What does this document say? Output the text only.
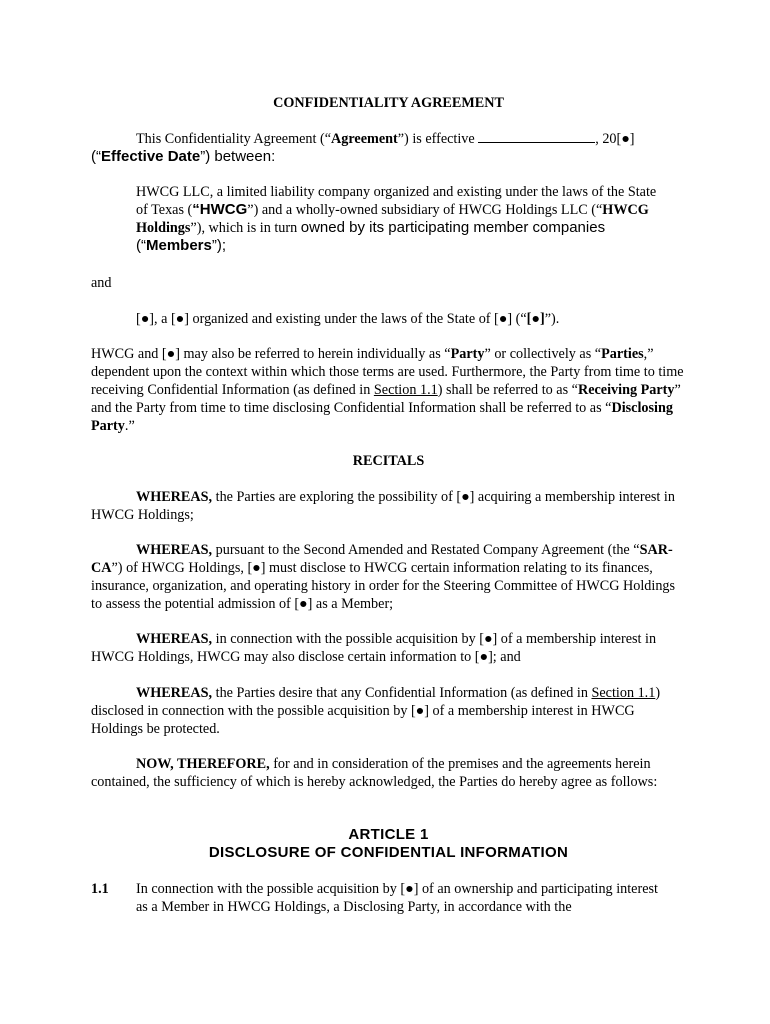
CONFIDENTIALITY AGREEMENT

This Confidentiality Agreement (“Agreement”) is effective	, 20[●]
(“Effective Date”) between:

HWCG LLC, a limited liability company organized and existing under the laws of the State of Texas (“HWCG”) and a wholly-owned subsidiary of HWCG Holdings LLC (“HWCG Holdings”), which is in turn owned by its participating member companies (“Members”);

and

[●], a [●] organized and existing under the laws of the State of [●] (“[●]”).

HWCG and [●] may also be referred to herein individually as “Party” or collectively as “Parties,” dependent upon the context within which those terms are used. Furthermore, the Party from time to time receiving Confidential Information (as defined in Section 1.1) shall be referred to as “Receiving Party” and the Party from time to time disclosing Confidential Information shall be referred to as “Disclosing Party.”

RECITALS

WHEREAS, the Parties are exploring the possibility of [●] acquiring a membership interest in HWCG Holdings;

WHEREAS, pursuant to the Second Amended and Restated Company Agreement (the “SAR-CA”) of HWCG Holdings, [●] must disclose to HWCG certain information relating to its finances, insurance, organization, and operating history in order for the Steering Committee of HWCG Holdings to assess the potential admission of [●] as a Member;

WHEREAS, in connection with the possible acquisition by [●] of a membership interest in HWCG Holdings, HWCG may also disclose certain information to [●]; and

WHEREAS, the Parties desire that any Confidential Information (as defined in Section 1.1) disclosed in connection with the possible acquisition by [●] of a membership interest in HWCG Holdings be protected.

NOW, THEREFORE, for and in consideration of the premises and the agreements herein contained, the sufficiency of which is hereby acknowledged, the Parties do hereby agree as follows:

ARTICLE 1
DISCLOSURE OF CONFIDENTIAL INFORMATION

1.1 In connection with the possible acquisition by [●] of an ownership and participating interest as a Member in HWCG Holdings, a Disclosing Party, in accordance with the
